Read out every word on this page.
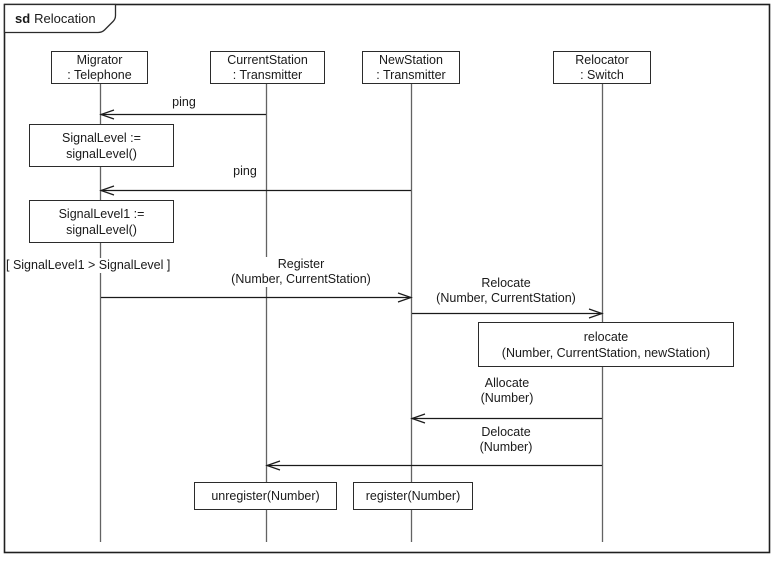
sd Relocation
Migrator
: Telephone
CurrentStation
: Transmitter
NewStation
: Transmitter
Relocator
: Switch
ping
ping
Register
(Number, CurrentStation)	Relocate
(Number, CurrentStation)
Allocate
(Number)
Delocate
(Number)
[ SignalLevel1 > SignalLevel ]
SignalLevel :=
signalLevel()
SignalLevel1 :=
signalLevel()
relocate
(Number, CurrentStation, newStation)
unregister(Number)	register(Number)
